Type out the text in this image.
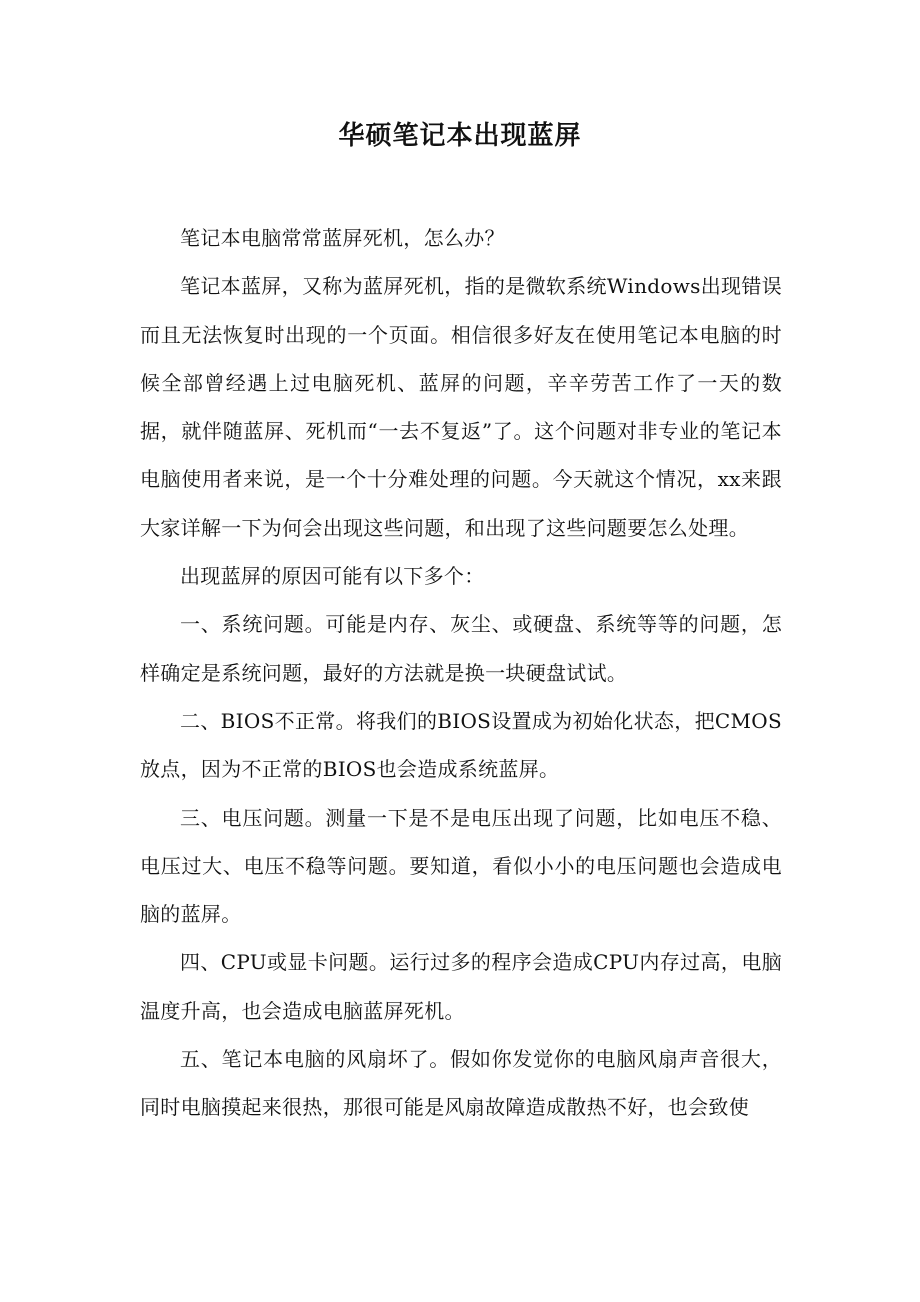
华硕笔记本出现蓝屏

笔记本电脑常常蓝屏死机，怎么办？

笔记本蓝屏，又称为蓝屏死机，指的是微软系统Windows出现错误而且无法恢复时出现的一个页面。相信很多好友在使用笔记本电脑的时候全部曾经遇上过电脑死机、蓝屏的问题，辛辛劳苦工作了一天的数据，就伴随蓝屏、死机而“一去不复返”了。这个问题对非专业的笔记本电脑使用者来说，是一个十分难处理的问题。今天就这个情况，xx来跟大家详解一下为何会出现这些问题，和出现了这些问题要怎么处理。

出现蓝屏的原因可能有以下多个：

一、系统问题。可能是内存、灰尘、或硬盘、系统等等的问题，怎样确定是系统问题，最好的方法就是换一块硬盘试试。

二、BIOS不正常。将我们的BIOS设置成为初始化状态，把CMOS放点，因为不正常的BIOS也会造成系统蓝屏。

三、电压问题。测量一下是不是电压出现了问题，比如电压不稳、电压过大、电压不稳等问题。要知道，看似小小的电压问题也会造成电脑的蓝屏。

四、CPU或显卡问题。运行过多的程序会造成CPU内存过高，电脑温度升高，也会造成电脑蓝屏死机。

五、笔记本电脑的风扇坏了。假如你发觉你的电脑风扇声音很大，同时电脑摸起来很热，那很可能是风扇故障造成散热不好，也会致使
